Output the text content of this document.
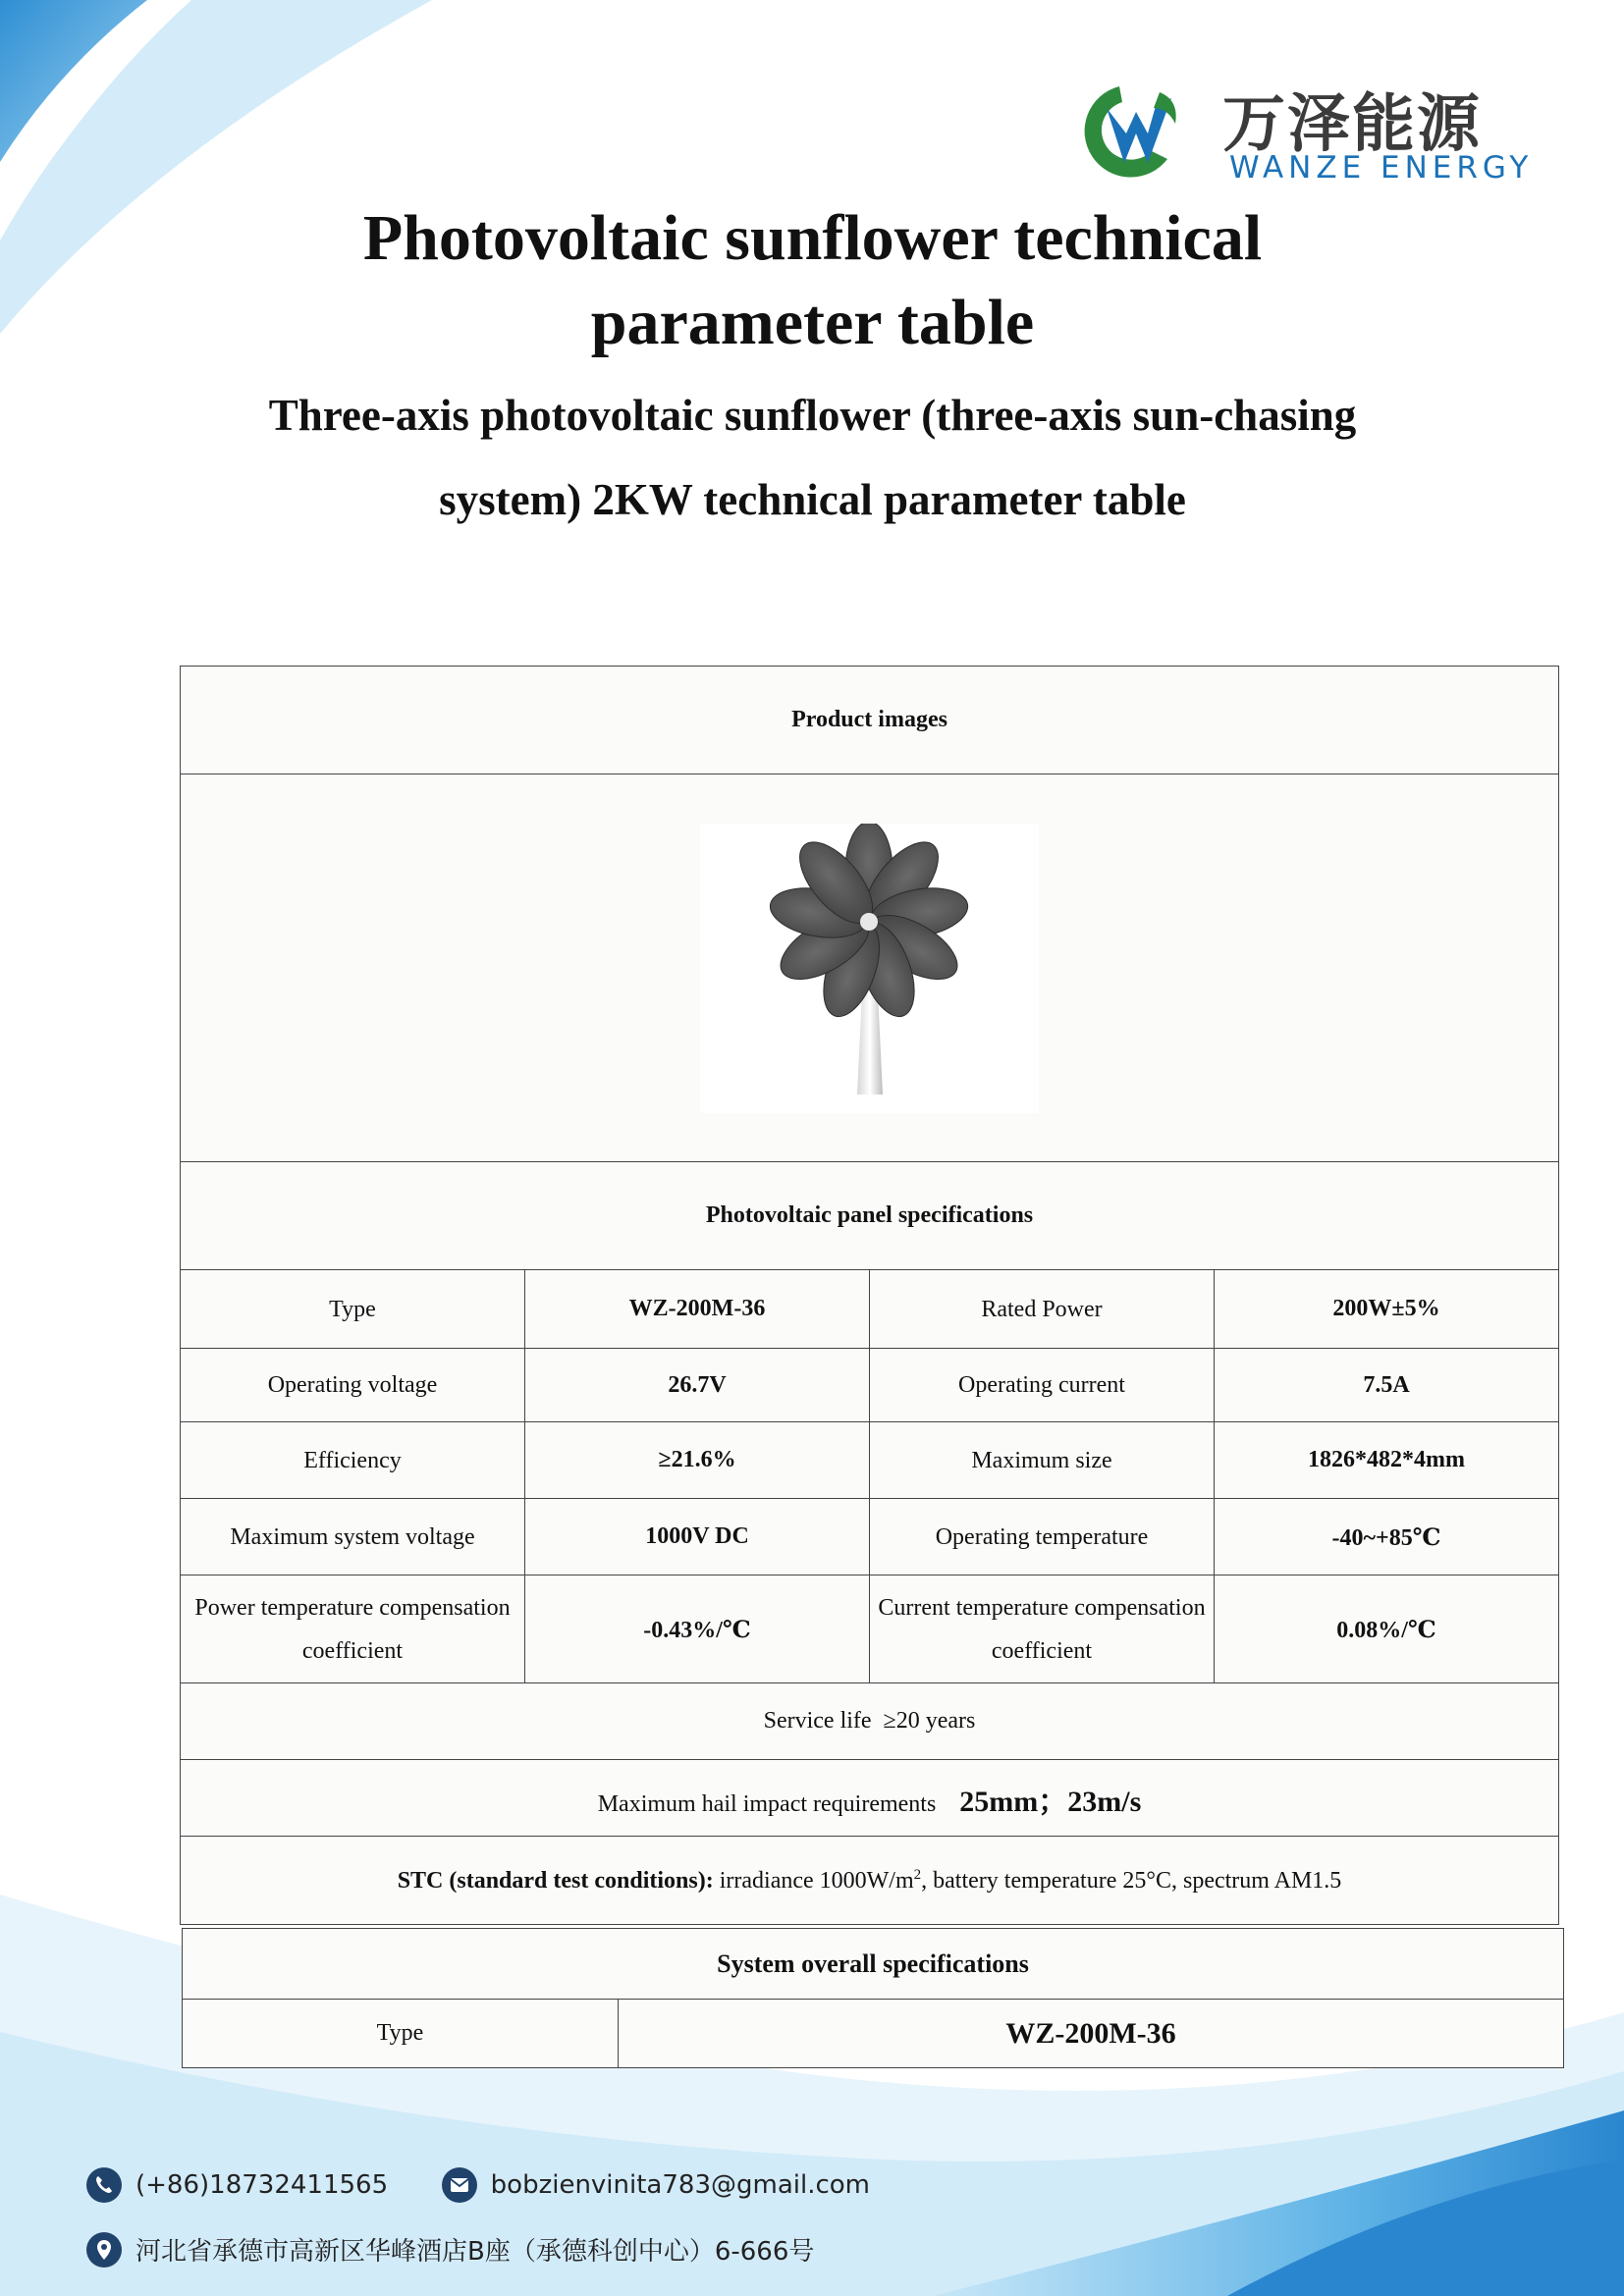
万泽能源
WANZE ENERGY
Photovoltaic sunflower technical parameter table
Three-axis photovoltaic sunflower (three-axis sun-chasing system) 2KW technical parameter table
Product images			

Photovoltaic panel specifications			
Type	WZ-200M-36	Rated Power	200W±5%
Operating voltage	26.7V	Operating current	7.5A
Efficiency	≥21.6%	Maximum size	1826*482*4mm
Maximum system voltage	1000V DC	Operating temperature	-40~+85℃
Power temperature compensation coefficient	-0.43%/℃	Current temperature compensation coefficient	0.08%/℃
Service life  ≥20 years			
Maximum hail impact requirements 25mm；23m/s			
STC (standard test conditions): irradiance $1000W/m^2$, battery temperature 25°C, spectrum AM1.5			
System overall specifications
Type	WZ-200M-36
(+86)18732411565	bobzienvinita783@gmail.com
河北省承德市高新区华峰酒店B座（承德科创中心）6-666号
